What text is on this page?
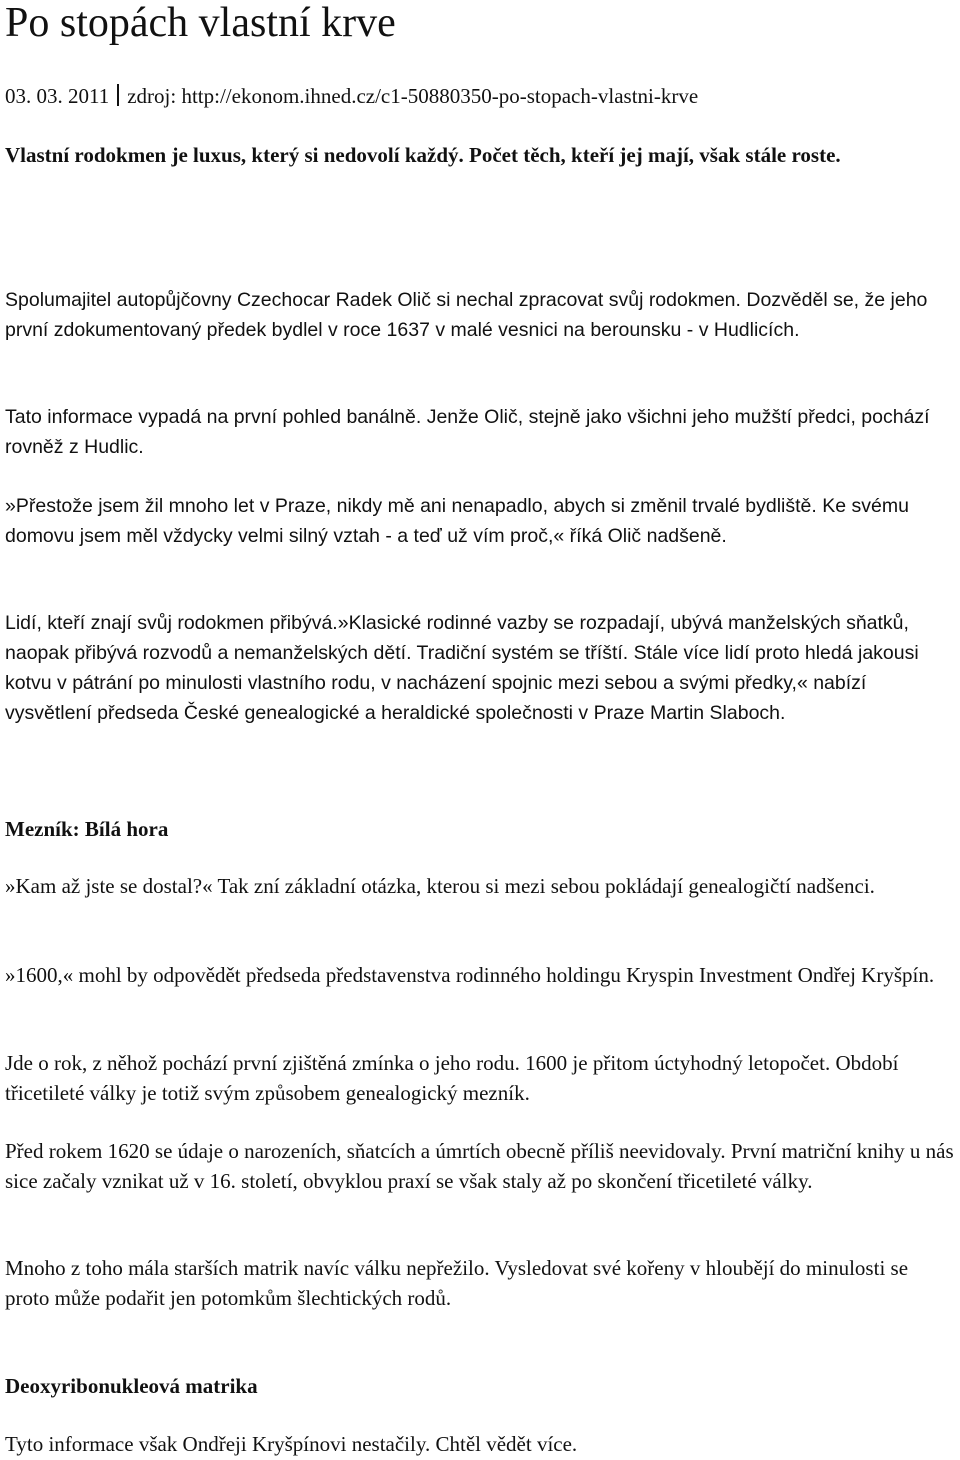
Po stopách vlastní krve
03. 03. 2011 zdroj: http://ekonom.ihned.cz/c1-50880350-po-stopach-vlastni-krve
Vlastní rodokmen je luxus, který si nedovolí každý. Počet těch, kteří jej mají, však stále roste.
Spolumajitel autopůjčovny Czechocar Radek Olič si nechal zpracovat svůj rodokmen. Dozvěděl se, že jeho první zdokumentovaný předek bydlel v roce 1637 v malé vesnici na berounsku - v Hudlicích.
Tato informace vypadá na první pohled banálně. Jenže Olič, stejně jako všichni jeho mužští předci, pochází rovněž z Hudlic.
»Přestože jsem žil mnoho let v Praze, nikdy mě ani nenapadlo, abych si změnil trvalé bydliště. Ke svému domovu jsem měl vždycky velmi silný vztah - a teď už vím proč,« říká Olič nadšeně.
Lidí, kteří znají svůj rodokmen přibývá.»Klasické rodinné vazby se rozpadají, ubývá manželských sňatků, naopak přibývá rozvodů a nemanželských dětí. Tradiční systém se tříští. Stále více lidí proto hledá jakousi kotvu v pátrání po minulosti vlastního rodu, v nacházení spojnic mezi sebou a svými předky,« nabízí vysvětlení předseda České genealogické a heraldické společnosti v Praze Martin Slaboch.
Mezník: Bílá hora
»Kam až jste se dostal?« Tak zní základní otázka, kterou si mezi sebou pokládají genealogičtí nadšenci.
»1600,« mohl by odpovědět předseda představenstva rodinného holdingu Kryspin Investment Ondřej Kryšpín.
Jde o rok, z něhož pochází první zjištěná zmínka o jeho rodu. 1600 je přitom úctyhodný letopočet. Období třicetileté války je totiž svým způsobem genealogický mezník.
Před rokem 1620 se údaje o narozeních, sňatcích a úmrtích obecně příliš neevidovaly. První matriční knihy u nás sice začaly vznikat už v 16. století, obvyklou praxí se však staly až po skončení třicetileté války.
Mnoho z toho mála starších matrik navíc válku nepřežilo. Vysledovat své kořeny v hloubějí do minulosti se proto může podařit jen potomkům šlechtických rodů.
Deoxyribonukleová matrika
Tyto informace však Ondřeji Kryšpínovi nestačily. Chtěl vědět více.
